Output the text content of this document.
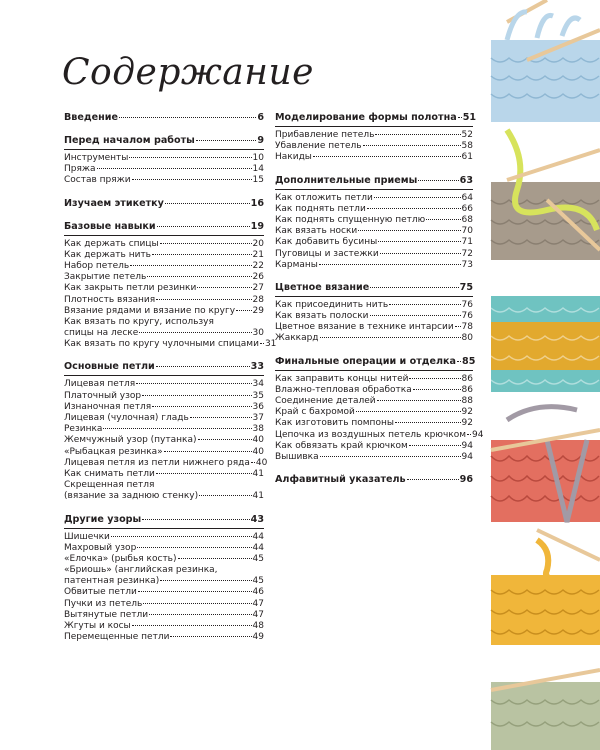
Содержание
Введение	6
Перед началом работы	9
Инструменты	10
Пряжа	14
Состав пряжи	15
Изучаем этикетку	16
Базовые навыки	19
Как держать спицы	20
Как держать нить	21
Набор петель	22
Закрытие петель	26
Как закрыть петли резинки	27
Плотность вязания	28
Вязание рядами и вязание по кругу 29
Как вязать по кругу, используя
спицы на леске	30
Как вязать по кругу чулочными спицами 31
Основные петли	33
Лицевая петля	34
Платочный узор	35
Изнаночная петля	36
Лицевая (чулочная) гладь	37
Резинка	38
Жемчужный узор (путанка)	40
«Рыбацкая резинка»	40
Лицевая петля из петли нижнего ряда 40
Как снимать петли	41
Скрещенная петля
(вязание за заднюю стенку)	41
Другие узоры	43
Шишечки	44
Махровый узор	44
«Елочка» (рыбья кость)	45
«Бриошь» (английская резинка,
патентная резинка)	45
Обвитые петли	46
Пучки из петель	47
Вытянутые петли	47
Жгуты и косы	48
Перемещенные петли	49
Моделирование формы полотна 51
Прибавление петель	52
Убавление петель	58
Накиды	61
Дополнительные приемы	63
Как отложить петли	64
Как поднять петли	66
Как поднять спущенную петлю	68
Как вязать носки	70
Как добавить бусины	71
Пуговицы и застежки	72
Карманы	73
Цветное вязание	75
Как присоединить нить	76
Как вязать полоски	76
Цветное вязание в технике интарсии 78
Жаккард	80
Финальные операции и отделка 85
Как заправить концы нитей	86
Влажно-тепловая обработка	86
Соединение деталей	88
Край с бахромой	92
Как изготовить помпоны	92
Цепочка из воздушных петель крючком 94
Как обвязать край крючком	94
Вышивка	94
Алфавитный указатель	96
